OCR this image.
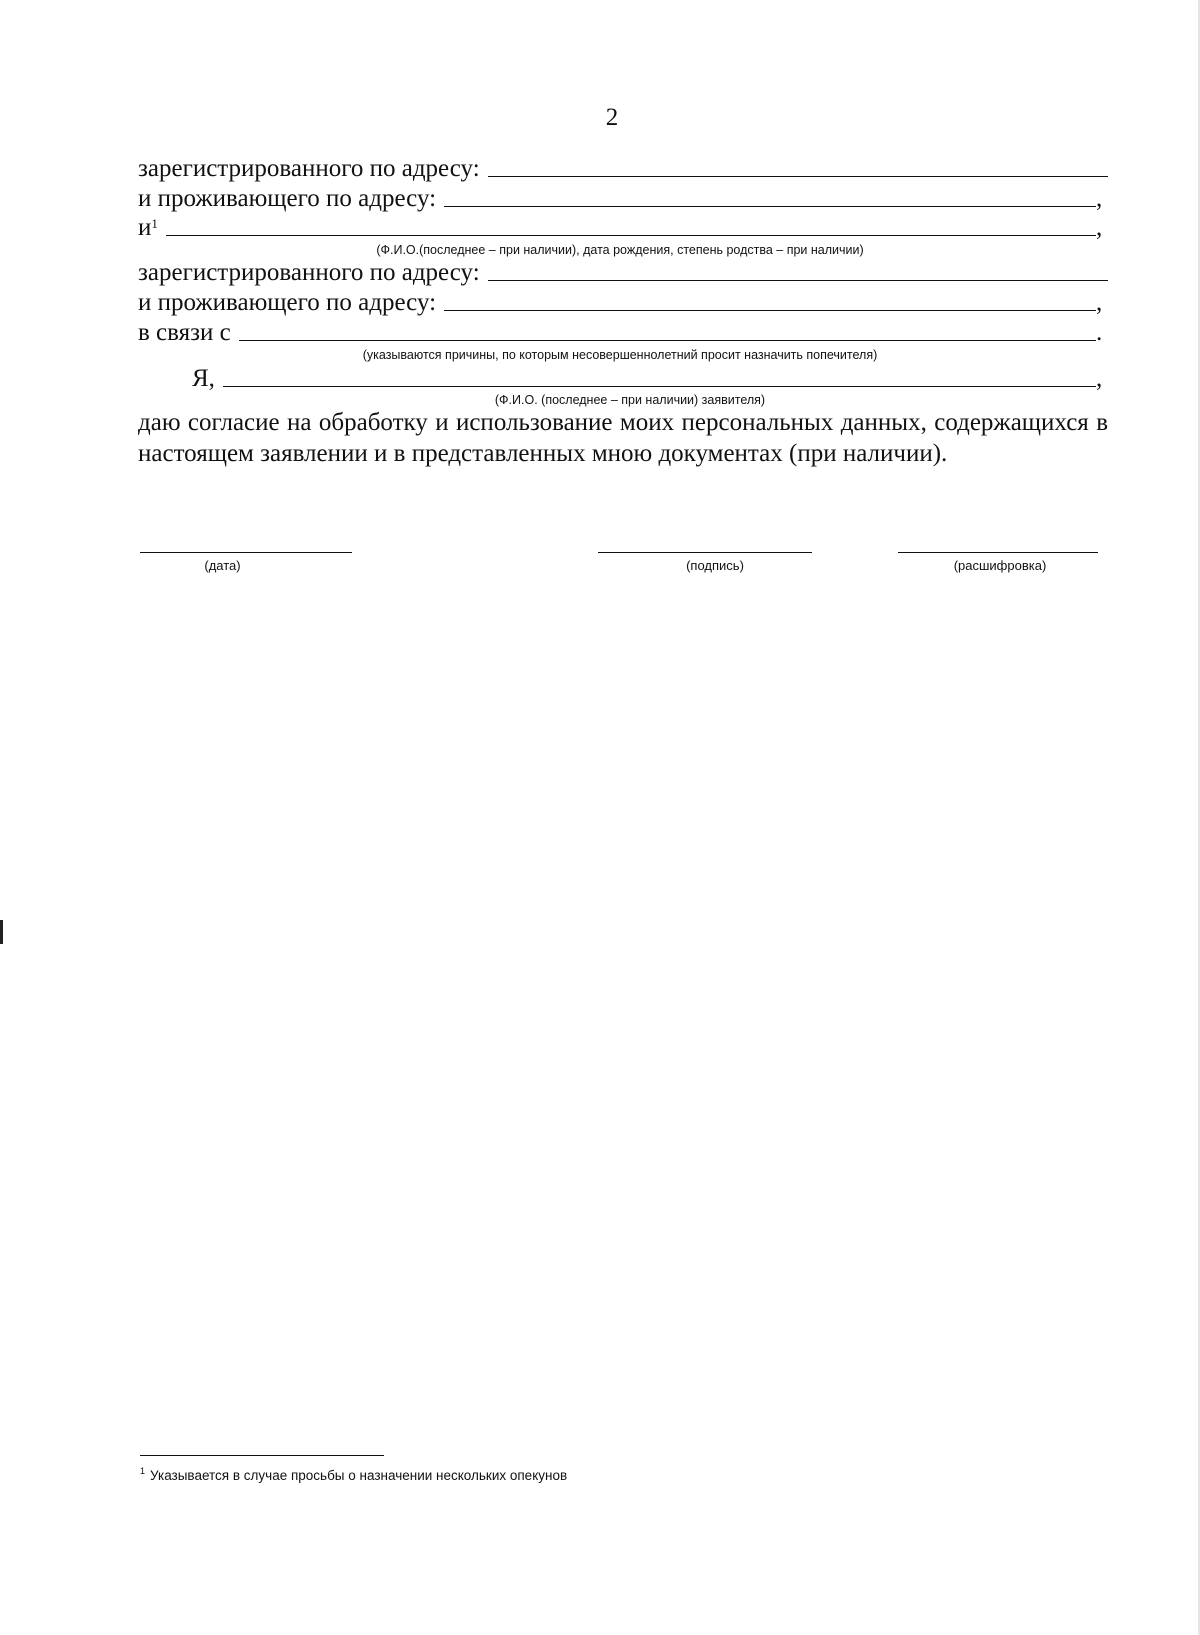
2
зарегистрированного по адресу:
и проживающего по адресу:	,
$и^1$	,
(Ф.И.О.(последнее – при наличии), дата рождения, степень родства – при наличии)
зарегистрированного по адресу:
и проживающего по адресу:	,
в связи с	.
(указываются причины, по которым несовершеннолетний просит назначить попечителя)
Я,	,
(Ф.И.О. (последнее – при наличии) заявителя)
даю согласие на обработку и использование моих персональных данных, содержащихся в настоящем заявлении и в представленных мною документах (при наличии).
(дата)	(подпись)	(расшифровка)
$^1$ Указывается в случае просьбы о назначении нескольких опекунов
